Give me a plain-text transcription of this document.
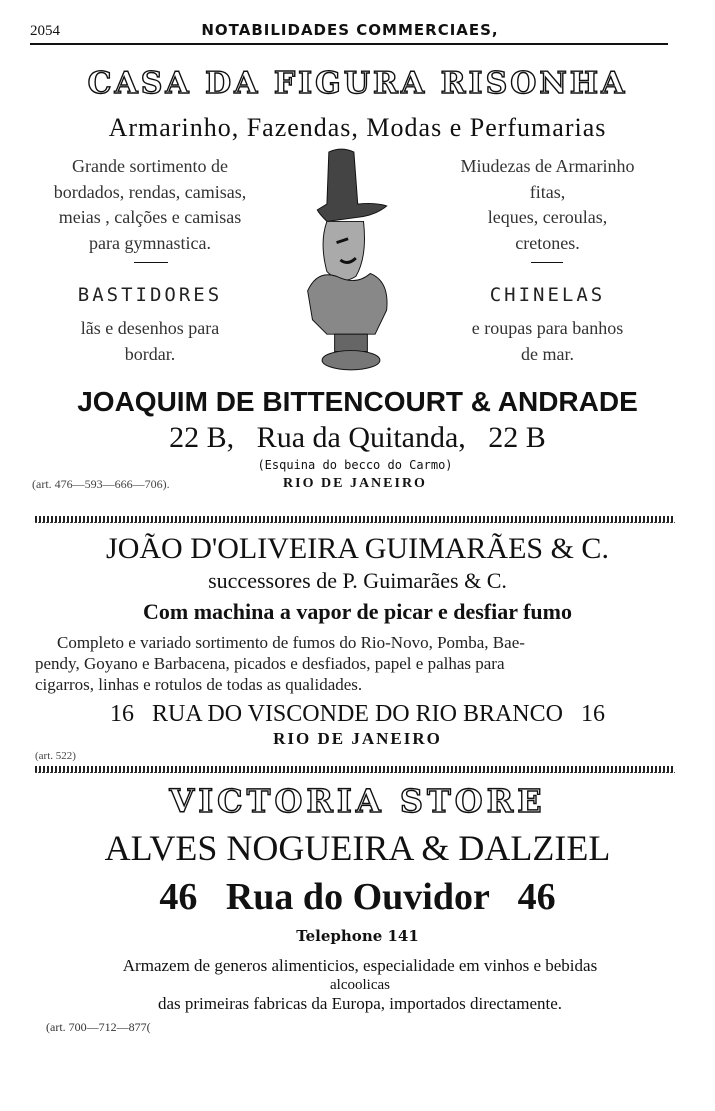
2054	NOTABILIDADES COMMERCIAES,
CASA DA FIGURA RISONHA
Armarinho, Fazendas, Modas e Perfumarias
Grande sortimento de
bordados, rendas, camisas,
meias , calções e camisas
para gymnastica.
BASTIDORES
lãs e desenhos para
bordar.
Miudezas de Armarinho
fitas,
leques, ceroulas,
cretones.
CHINELAS
e roupas para banhos
de mar.
JOAQUIM DE BITTENCOURT & ANDRADE
22 B,   Rua da Quitanda,   22 B
(Esquina do becco do Carmo)
(art. 476—593—666—706).	RIO DE JANEIRO
JOÃO D'OLIVEIRA GUIMARÃES & C.
successores de P. Guimarães & C.
Com machina a vapor de picar e desfiar fumo
Completo e variado sortimento de fumos do Rio-Novo, Pomba, Bae-
pendy, Goyano e Barbacena, picados e desfiados, papel e palhas para
cigarros, linhas e rotulos de todas as qualidades.
16   RUA DO VISCONDE DO RIO BRANCO   16
RIO DE JANEIRO
(art. 522)
VICTORIA STORE
ALVES NOGUEIRA & DALZIEL
46   Rua do Ouvidor   46
Telephone 141
Armazem de generos alimenticios, especialidade em vinhos e bebidas
alcoolicas
das primeiras fabricas da Europa, importados directamente.
(art. 700—712—877(
